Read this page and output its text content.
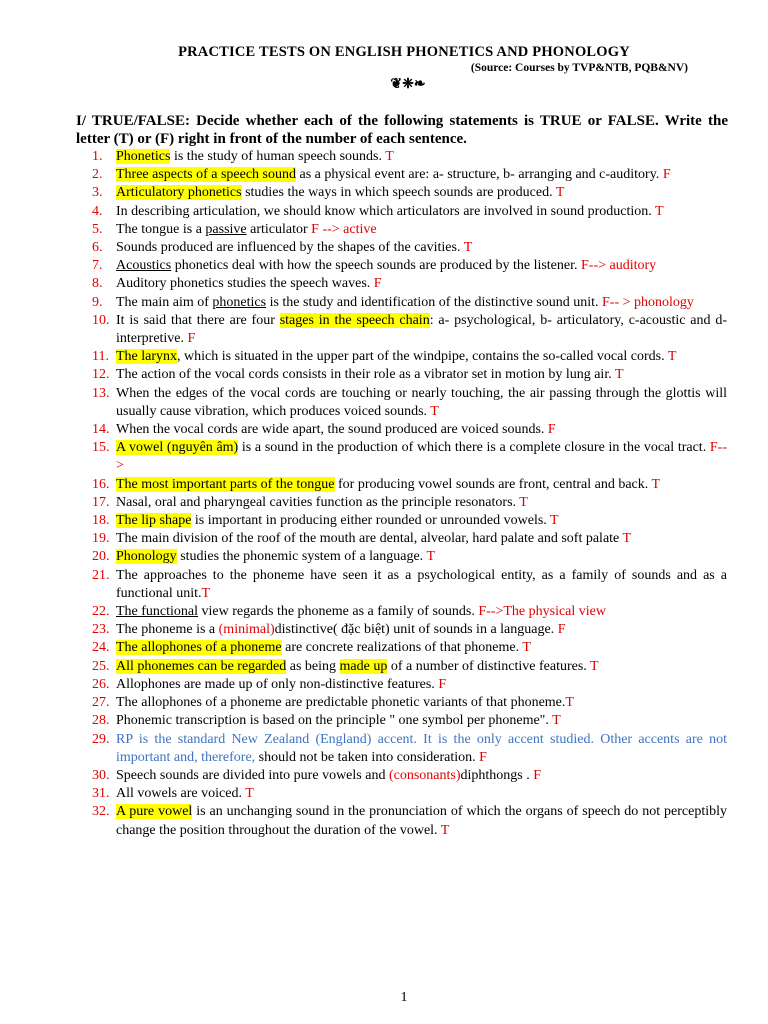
PRACTICE TESTS ON ENGLISH PHONETICS AND PHONOLOGY
(Source: Courses by TVP&NTB, PQB&NV)
❦❈❧
I/ TRUE/FALSE: Decide whether each of the following statements is TRUE or FALSE. Write the letter (T) or (F) right in front of the number of each sentence.
1. Phonetics is the study of human speech sounds. T
2. Three aspects of a speech sound as a physical event are: a- structure, b- arranging and c-auditory. F
3. Articulatory phonetics studies the ways in which speech sounds are produced. T
4. In describing articulation, we should know which articulators are involved in sound production. T
5. The tongue is a passive articulator F --> active
6. Sounds produced are influenced by the shapes of the cavities. T
7. Acoustics phonetics deal with how the speech sounds are produced by the listener. F--> auditory
8. Auditory phonetics studies the speech waves. F
9. The main aim of phonetics is the study and identification of the distinctive sound unit. F-- > phonology
10. It is said that there are four stages in the speech chain: a- psychological, b- articulatory, c-acoustic and d- interpretive. F
11. The larynx, which is situated in the upper part of the windpipe, contains the so-called vocal cords. T
12. The action of the vocal cords consists in their role as a vibrator set in motion by lung air. T
13. When the edges of the vocal cords are touching or nearly touching, the air passing through the glottis will usually cause vibration, which produces voiced sounds. T
14. When the vocal cords are wide apart, the sound produced are voiced sounds. F
15. A vowel (nguyên âm) is a sound in the production of which there is a complete closure in the vocal tract. F-->
16. The most important parts of the tongue for producing vowel sounds are front, central and back. T
17. Nasal, oral and pharyngeal cavities function as the principle resonators. T
18. The lip shape is important in producing either rounded or unrounded vowels. T
19. The main division of the roof of the mouth are dental, alveolar, hard palate and soft palate T
20. Phonology studies the phonemic system of a language. T
21. The approaches to the phoneme have seen it as a psychological entity, as a family of sounds and as a functional unit.T
22. The functional view regards the phoneme as a family of sounds. F-->The physical view
23. The phoneme is a (minimal)distinctive( đặc biệt) unit of sounds in a language. F
24. The allophones of a phoneme are concrete realizations of that phoneme. T
25. All phonemes can be regarded as being made up of a number of distinctive features. T
26. Allophones are made up of only non-distinctive features. F
27. The allophones of a phoneme are predictable phonetic variants of that phoneme.T
28. Phonemic transcription is based on the principle " one symbol per phoneme". T
29. RP is the standard New Zealand (England) accent. It is the only accent studied. Other accents are not important and, therefore, should not be taken into consideration. F
30. Speech sounds are divided into pure vowels and (consonants)diphthongs . F
31. All vowels are voiced. T
32. A pure vowel is an unchanging sound in the pronunciation of which the organs of speech do not perceptibly change the position throughout the duration of the vowel. T
1
